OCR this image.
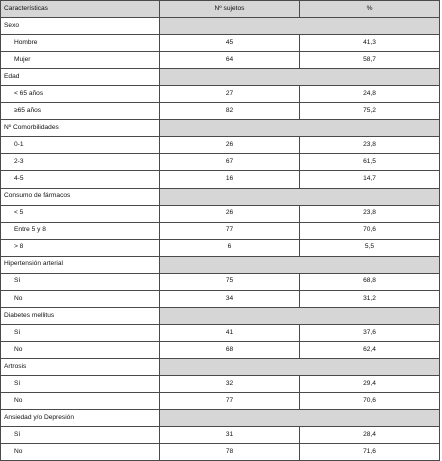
Características	Nº sujetos	%
Sexo		
Hombre	45	41,3
Mujer	64	58,7
Edad		
< 65 años	27	24,8
≥65 años	82	75,2
Nº Comorbilidades		
0-1	26	23,8
2-3	67	61,5
4-5	16	14,7
Consumo de fármacos		
< 5	26	23,8
Entre 5 y 8	77	70,6
> 8	6	5,5
Hipertensión arterial		
Sí	75	68,8
No	34	31,2
Diabetes mellitus		
Sí	41	37,6
No	68	62,4
Artrosis		
Sí	32	29,4
No	77	70,6
Ansiedad y/o Depresión		
Sí	31	28,4
No	78	71,6
